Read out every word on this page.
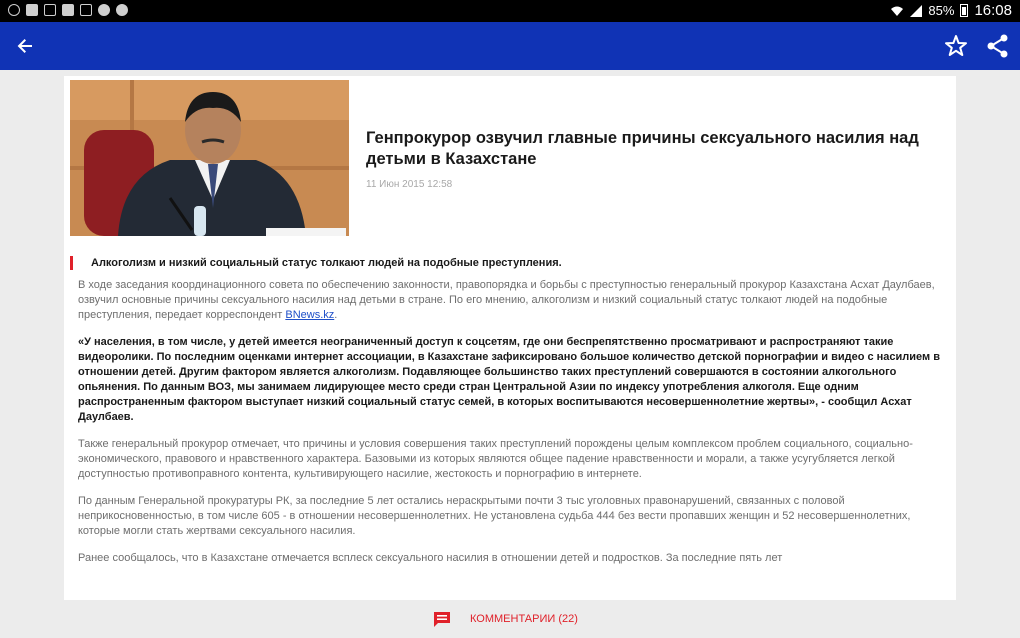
85% 16:08
Генпрокурор озвучил главные причины сексуального насилия над детьми в Казахстане
11 Июн 2015 12:58
Алкоголизм и низкий социальный статус толкают людей на подобные преступления.

В ходе заседания координационного совета по обеспечению законности, правопорядка и борьбы с преступностью генеральный прокурор Казахстана Асхат Даулбаев, озвучил основные причины сексуального насилия над детьми в стране. По его мнению, алкоголизм и низкий социальный статус толкают людей на подобные преступления, передает корреспондент BNews.kz.

«У населения, в том числе, у детей имеется неограниченный доступ к соцсетям, где они беспрепятственно просматривают и распространяют такие видеоролики. По последним оценками интернет ассоциации, в Казахстане зафиксировано большое количество детской порнографии и видео с насилием в отношении детей. Другим фактором является алкоголизм. Подавляющее большинство таких преступлений совершаются в состоянии алкогольного опьянения. По данным ВОЗ, мы занимаем лидирующее место среди стран Центральной Азии по индексу употребления алкоголя. Еще одним распространенным фактором выступает низкий социальный статус семей, в которых воспитываются несовершеннолетние жертвы», - сообщил Асхат Даулбаев.

Также генеральный прокурор отмечает, что причины и условия совершения таких преступлений порождены целым комплексом проблем социального, социально-экономического, правового и нравственного характера. Базовыми из которых являются общее падение нравственности и морали, а также усугубляется легкой доступностью противоправного контента, культивирующего насилие, жестокость и порнографию в интернете.

По данным Генеральной прокуратуры РК, за последние 5 лет остались нераскрытыми почти 3 тыс уголовных правонарушений, связанных с половой неприкосновенностью, в том числе 605 - в отношении несовершеннолетних. Не установлена судьба 444 без вести пропавших женщин и 52 несовершеннолетних, которые могли стать жертвами сексуального насилия.

Ранее сообщалось, что в Казахстане отмечается всплеск сексуального насилия в отношении детей и подростков. За последние пять лет

КОММЕНТАРИИ (22)
